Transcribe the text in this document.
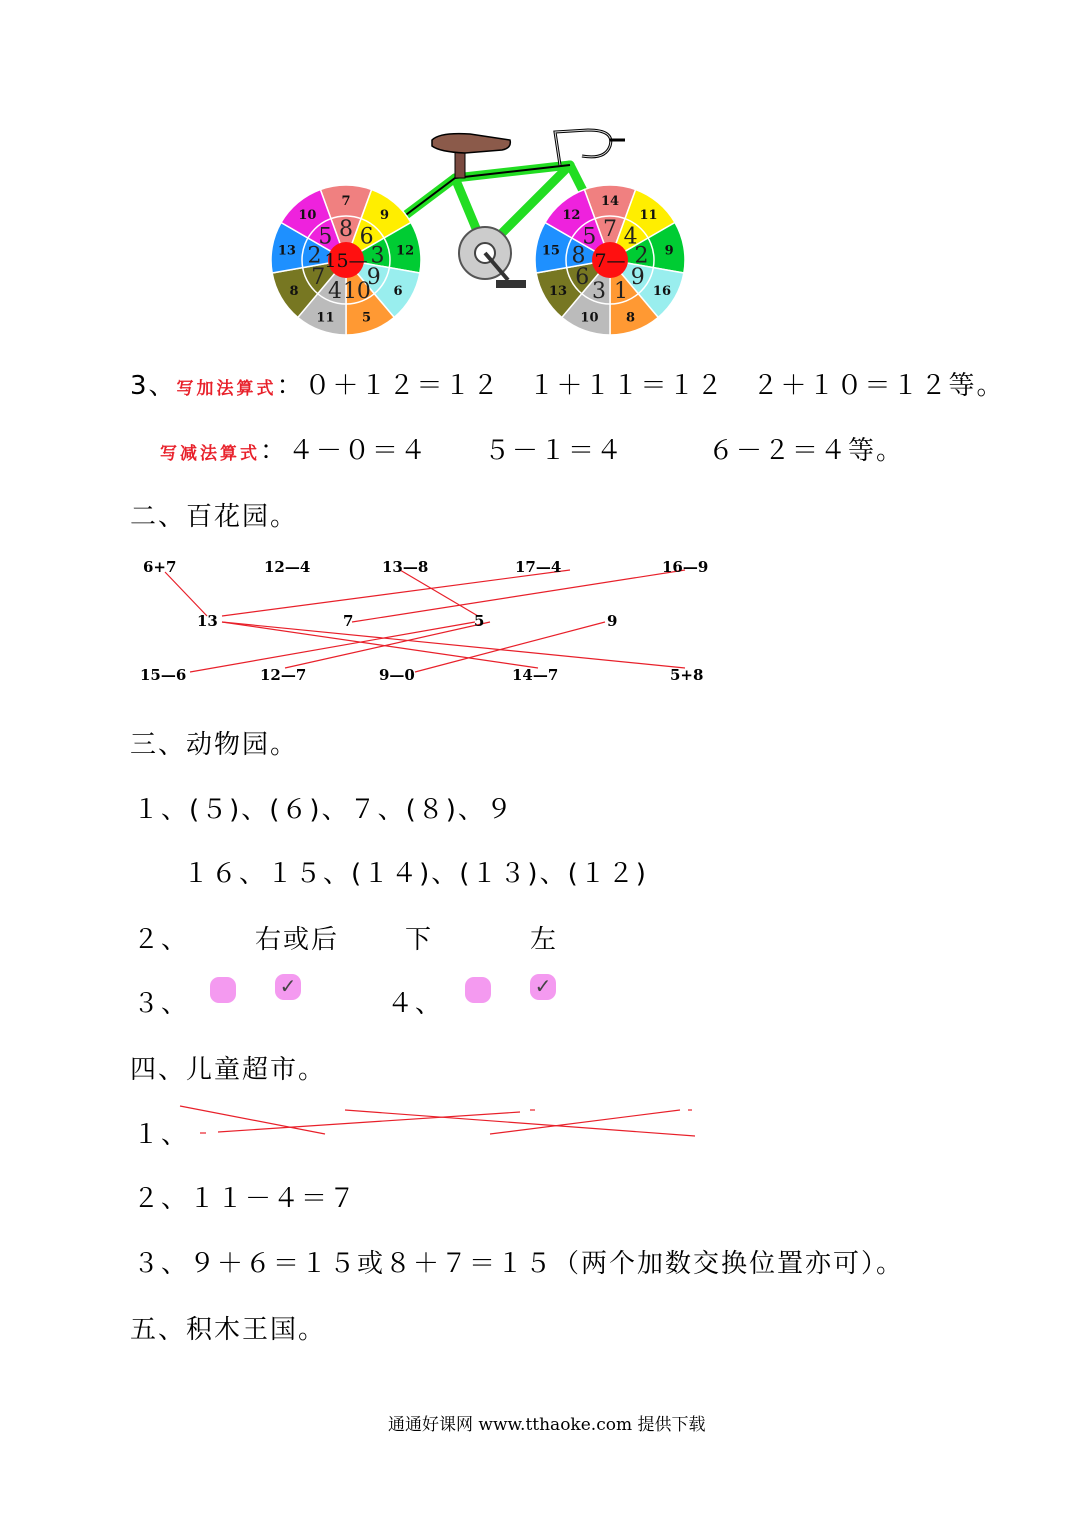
7
8
9
6
12
3
6
9
5
10
11
4
8
7
13 2
10
5
15—
14
7
11
4
9
2
16
9
8
1
10
3
13
6
15 8
12
5
7—
3、写加法算式：０＋１２＝１２　１＋１１＝１２　２＋１０＝１２等。
写减法算式：４－０＝４　　５－１＝４　　　６－２＝４等。
二、百花园。
6+7	12—4	13—8	17—4	16—9
13	7	5	9
15—6	12—7	9—0	14—7	5+8
三、动物园。
１、(５)、(６)、７、(８)、９
１６、１５、(１４)、(１３)、(１２)
２、	右或后	下	左
３、
✓
４、
✓
四、儿童超市。
１、
２、１１－４＝７
３、９＋６＝１５或８＋７＝１５（两个加数交换位置亦可）。
五、积木王国。
通通好课网 www.tthaoke.com 提供下载
